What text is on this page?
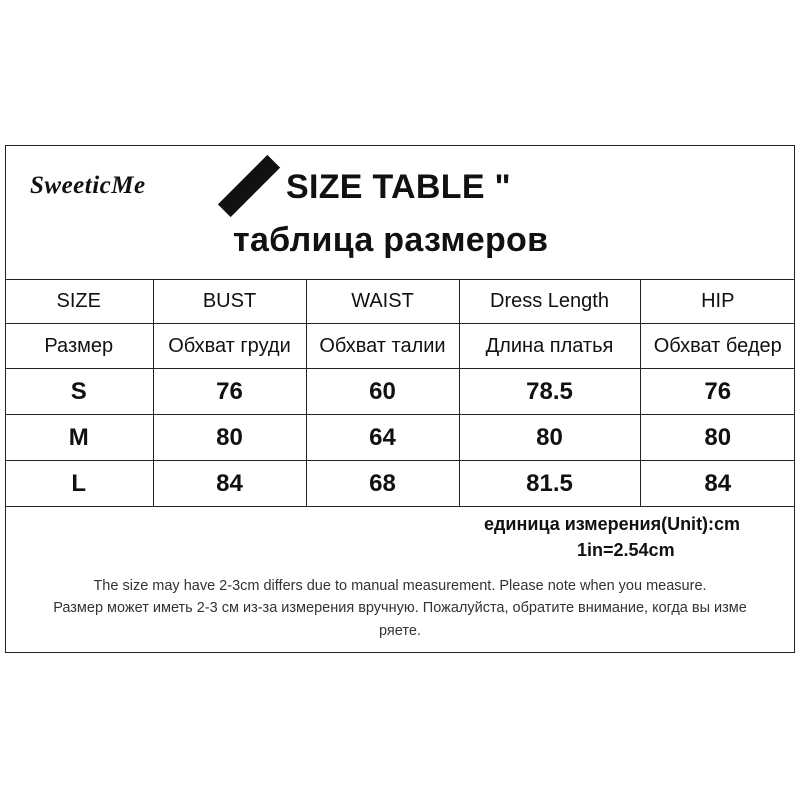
SweeticMe	SIZE TABLE "
таблица размеров
SIZE	BUST	WAIST	Dress Length	HIP
Размер	Обхват груди	Обхват талии	Длина платья	Обхват бедер
S	76	60	78.5	76
M	80	64	80	80
L	84	68	81.5	84
единица измерения(Unit):cm
1in=2.54cm
The size may have 2-3cm differs due to manual measurement. Please note when you measure.
Размер может иметь 2-3 см из-за измерения вручную. Пожалуйста, обратите внимание, когда вы изме
ряете.
